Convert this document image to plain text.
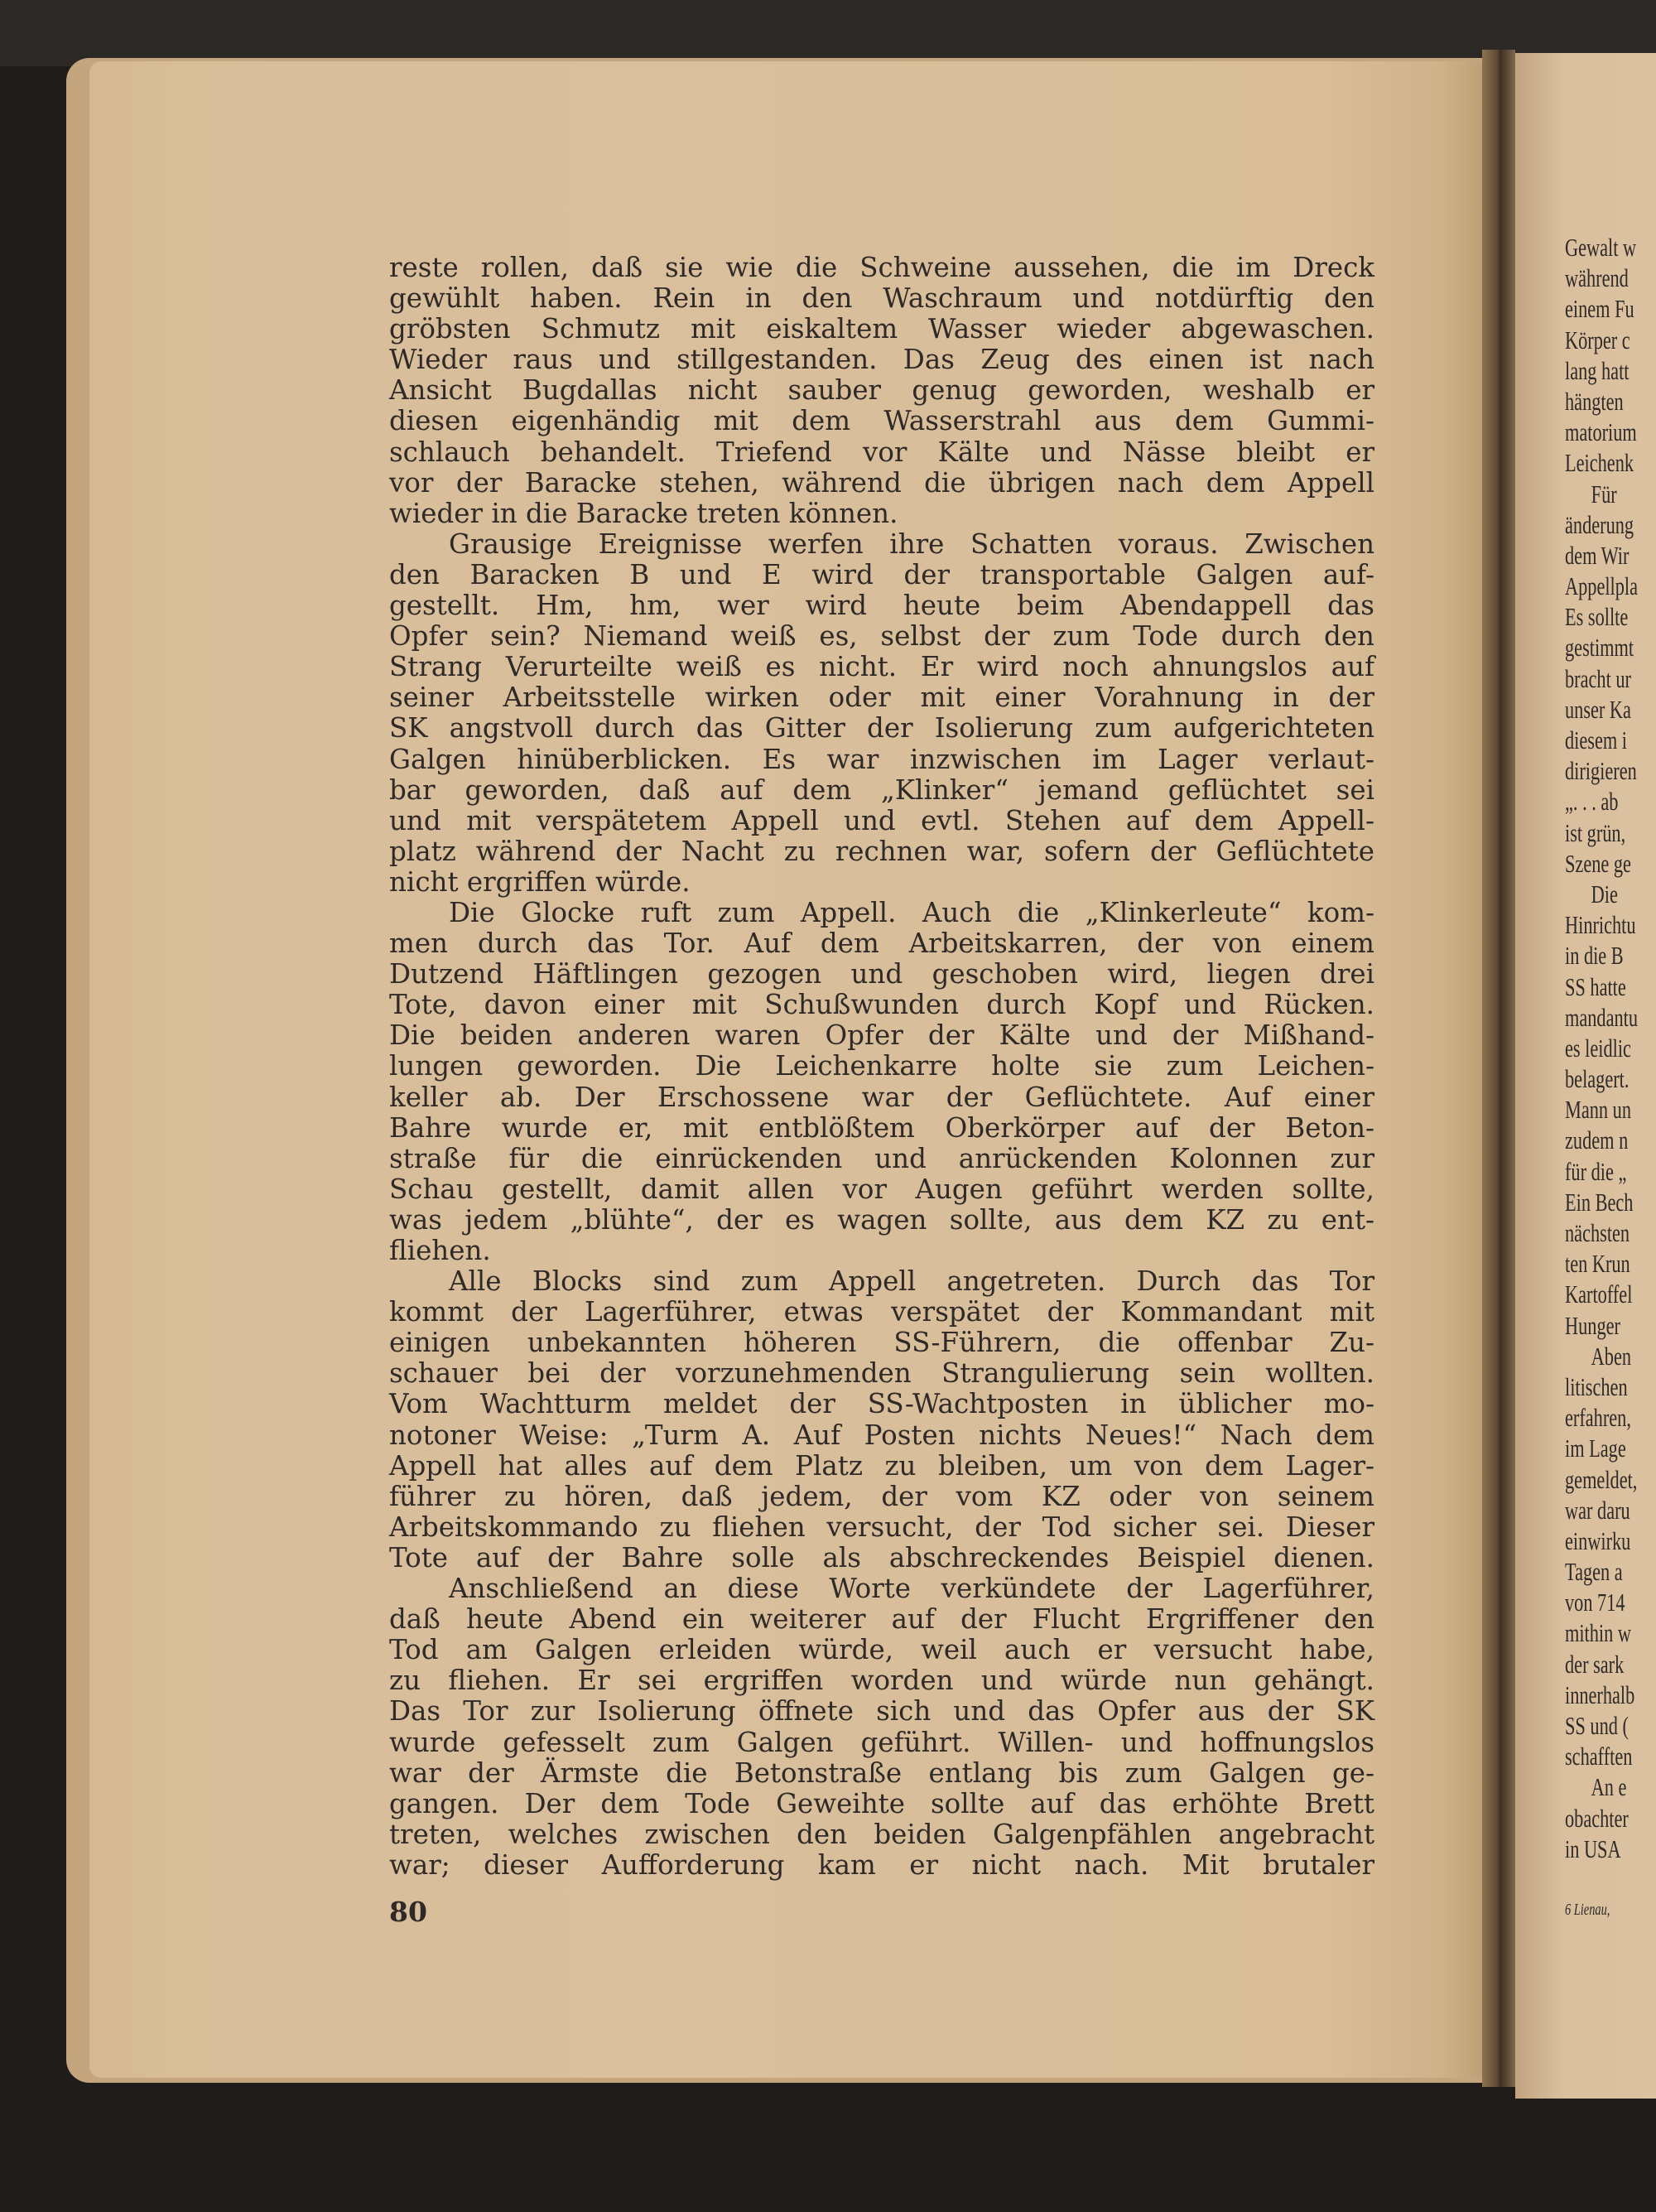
reste rollen, daß sie wie die Schweine aussehen, die im Dreck
gewühlt haben. Rein in den Waschraum und notdürftig den
gröbsten Schmutz mit eiskaltem Wasser wieder abgewaschen.
Wieder raus und stillgestanden. Das Zeug des einen ist nach
Ansicht Bugdallas nicht sauber genug geworden, weshalb er
diesen eigenhändig mit dem Wasserstrahl aus dem Gummi-
schlauch behandelt. Triefend vor Kälte und Nässe bleibt er
vor der Baracke stehen, während die übrigen nach dem Appell
wieder in die Baracke treten können.
Grausige Ereignisse werfen ihre Schatten voraus. Zwischen
den Baracken B und E wird der transportable Galgen auf-
gestellt. Hm, hm, wer wird heute beim Abendappell das
Opfer sein? Niemand weiß es, selbst der zum Tode durch den
Strang Verurteilte weiß es nicht. Er wird noch ahnungslos auf
seiner Arbeitsstelle wirken oder mit einer Vorahnung in der
SK angstvoll durch das Gitter der Isolierung zum aufgerichteten
Galgen hinüberblicken. Es war inzwischen im Lager verlaut-
bar geworden, daß auf dem „Klinker“ jemand geflüchtet sei
und mit verspätetem Appell und evtl. Stehen auf dem Appell-
platz während der Nacht zu rechnen war, sofern der Geflüchtete
nicht ergriffen würde.
Die Glocke ruft zum Appell. Auch die „Klinkerleute“ kom-
men durch das Tor. Auf dem Arbeitskarren, der von einem
Dutzend Häftlingen gezogen und geschoben wird, liegen drei
Tote, davon einer mit Schußwunden durch Kopf und Rücken.
Die beiden anderen waren Opfer der Kälte und der Mißhand-
lungen geworden. Die Leichenkarre holte sie zum Leichen-
keller ab. Der Erschossene war der Geflüchtete. Auf einer
Bahre wurde er, mit entblößtem Oberkörper auf der Beton-
straße für die einrückenden und anrückenden Kolonnen zur
Schau gestellt, damit allen vor Augen geführt werden sollte,
was jedem „blühte“, der es wagen sollte, aus dem KZ zu ent-
fliehen.
Alle Blocks sind zum Appell angetreten. Durch das Tor
kommt der Lagerführer, etwas verspätet der Kommandant mit
einigen unbekannten höheren SS-Führern, die offenbar Zu-
schauer bei der vorzunehmenden Strangulierung sein wollten.
Vom Wachtturm meldet der SS-Wachtposten in üblicher mo-
notoner Weise: „Turm A. Auf Posten nichts Neues!“ Nach dem
Appell hat alles auf dem Platz zu bleiben, um von dem Lager-
führer zu hören, daß jedem, der vom KZ oder von seinem
Arbeitskommando zu fliehen versucht, der Tod sicher sei. Dieser
Tote auf der Bahre solle als abschreckendes Beispiel dienen.
Anschließend an diese Worte verkündete der Lagerführer,
daß heute Abend ein weiterer auf der Flucht Ergriffener den
Tod am Galgen erleiden würde, weil auch er versucht habe,
zu fliehen. Er sei ergriffen worden und würde nun gehängt.
Das Tor zur Isolierung öffnete sich und das Opfer aus der SK
wurde gefesselt zum Galgen geführt. Willen- und hoffnungslos
war der Ärmste die Betonstraße entlang bis zum Galgen ge-
gangen. Der dem Tode Geweihte sollte auf das erhöhte Brett
treten, welches zwischen den beiden Galgenpfählen angebracht
war; dieser Aufforderung kam er nicht nach. Mit brutaler
80
Gewalt w
während
einem Fu
Körper c
lang hatt
hängten
matorium
Leichenk
Für
änderung
dem Wir
Appellpla
Es sollte
gestimmt
bracht ur
unser Ka
diesem i
dirigieren
„. . . ab
ist grün,
Szene ge
Die
Hinrichtu
in die B
SS hatte
mandantu
es leidlic
belagert.
Mann un
zudem n
für die „
Ein Bech
nächsten
ten Krun
Kartoffel
Hunger
Aben
litischen
erfahren,
im Lage
gemeldet,
war daru
einwirku
Tagen a
von 714
mithin w
der sark
innerhalb
SS und (
schafften
An e
obachter
in USA
6 Lienau,
